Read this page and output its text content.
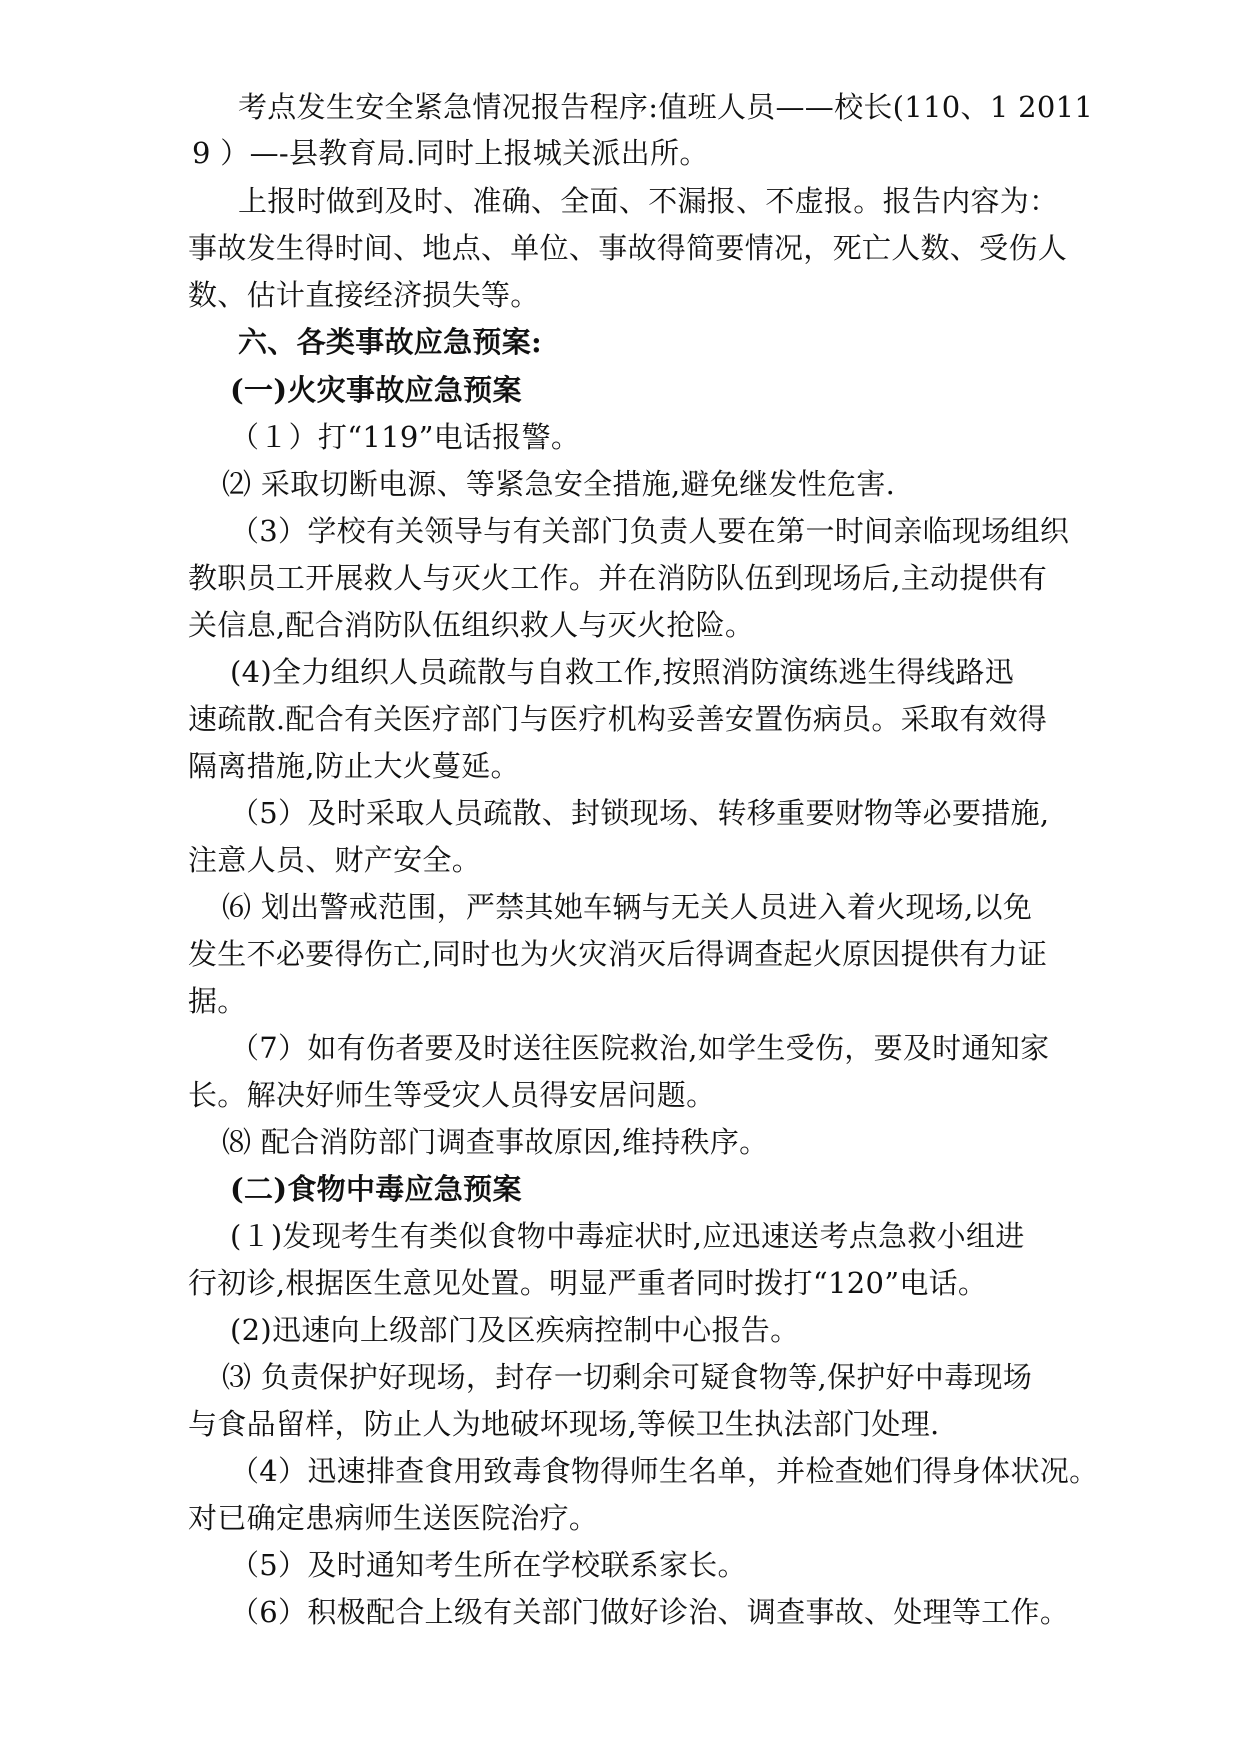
考点发生安全紧急情况报告程序:值班人员——校长(110、1 2011
9 ）—-县教育局.同时上报城关派出所。
上报时做到及时、准确、全面、不漏报、不虚报。报告内容为：
事故发生得时间、地点、单位、事故得简要情况，死亡人数、受伤人
数、估计直接经济损失等。
六、各类事故应急预案:
(一)火灾事故应急预案
（１）打“119”电话报警。
⑵ 采取切断电源、等紧急安全措施,避免继发性危害.
（3）学校有关领导与有关部门负责人要在第一时间亲临现场组织
教职员工开展救人与灭火工作。并在消防队伍到现场后,主动提供有
关信息,配合消防队伍组织救人与灭火抢险。
(4)全力组织人员疏散与自救工作,按照消防演练逃生得线路迅
速疏散.配合有关医疗部门与医疗机构妥善安置伤病员。采取有效得
隔离措施,防止大火蔓延。
（5）及时采取人员疏散、封锁现场、转移重要财物等必要措施,
注意人员、财产安全。
⑹ 划出警戒范围，严禁其她车辆与无关人员进入着火现场,以免
发生不必要得伤亡,同时也为火灾消灭后得调查起火原因提供有力证
据。
（7）如有伤者要及时送往医院救治,如学生受伤，要及时通知家
长。解决好师生等受灾人员得安居问题。
⑻ 配合消防部门调查事故原因,维持秩序。
(二)食物中毒应急预案
(１)发现考生有类似食物中毒症状时,应迅速送考点急救小组进
行初诊,根据医生意见处置。明显严重者同时拨打“120”电话。
(2)迅速向上级部门及区疾病控制中心报告。
⑶ 负责保护好现场，封存一切剩余可疑食物等,保护好中毒现场
与食品留样，防止人为地破坏现场,等候卫生执法部门处理.
（4）迅速排查食用致毒食物得师生名单，并检查她们得身体状况。
对已确定患病师生送医院治疗。
（5）及时通知考生所在学校联系家长。
（6）积极配合上级有关部门做好诊治、调查事故、处理等工作。
